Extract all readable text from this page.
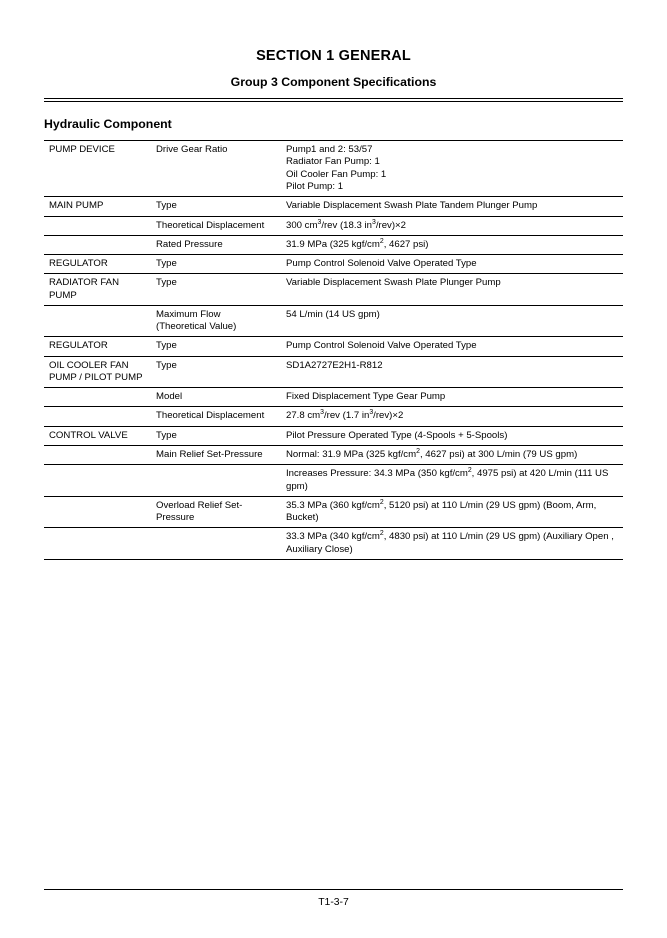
SECTION 1 GENERAL
Group 3 Component Specifications
Hydraulic Component
PUMP DEVICE	Drive Gear Ratio	Pump1 and 2: 53/57
Radiator Fan Pump: 1
Oil Cooler Fan Pump: 1
Pilot Pump: 1
MAIN PUMP	Type	Variable Displacement Swash Plate Tandem Plunger Pump
	Theoretical Displacement	300 $cm^3$/rev (18.3 $in^3/rev)\times 2$
	Rated Pressure	31.9 MPa (325 kgf/$cm^2$, 4627 psi)
REGULATOR	Type	Pump Control Solenoid Valve Operated Type
RADIATOR FAN PUMP	Type	Variable Displacement Swash Plate Plunger Pump
	Maximum Flow
(Theoretical Value)	54 L/min (14 US gpm)
REGULATOR	Type	Pump Control Solenoid Valve Operated Type
OIL COOLER FAN
PUMP / PILOT PUMP	Type	SD1A2727E2H1-R812
	Model	Fixed Displacement Type Gear Pump
	Theoretical Displacement	27.8 $cm^3$/rev (1.7 $in^3/rev)\times 2$
CONTROL VALVE	Type	Pilot Pressure Operated Type (4-Spools + 5-Spools)
	Main Relief Set-Pressure	Normal: 31.9 MPa (325 kgf/$cm^2$, 4627 psi) at 300 L/min (79 US gpm)
		Increases Pressure: 34.3 MPa (350 kgf/$cm^2$, 4975 psi) at 420 L/min (111 US gpm)
	Overload Relief Set-
Pressure	35.3 MPa (360 kgf/$cm^2$, 5120 psi) at 110 L/min (29 US gpm) (Boom, Arm, Bucket)
		33.3 MPa (340 kgf/$cm^2$, 4830 psi) at 110 L/min (29 US gpm) (Auxiliary Open , Auxiliary Close)
T1-3-7
